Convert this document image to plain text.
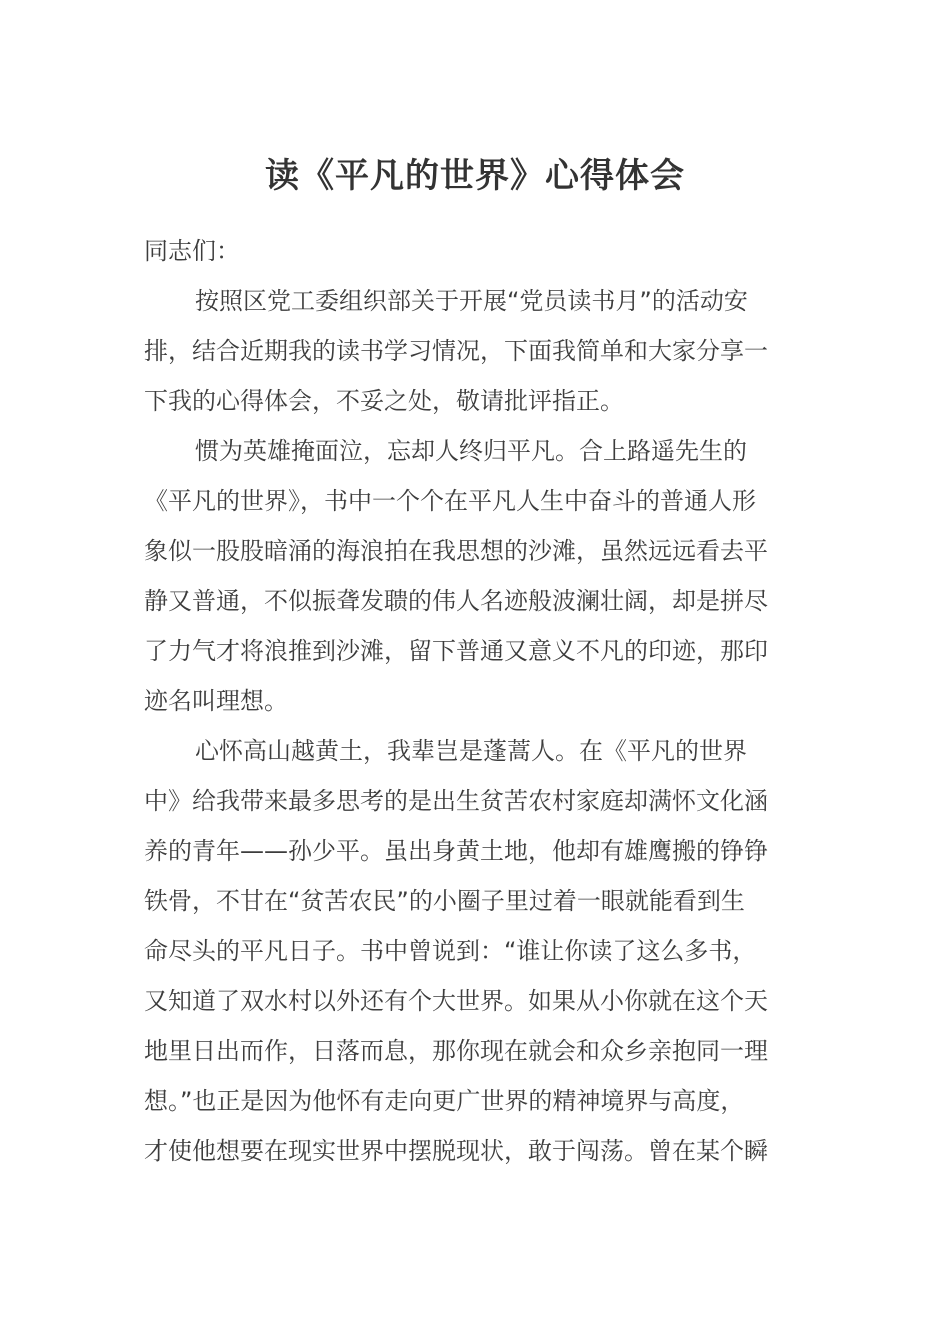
读《平凡的世界》心得体会
同志们：
按照区党工委组织部关于开展“党员读书月”的活动安
排，结合近期我的读书学习情况，下面我简单和大家分享一
下我的心得体会，不妥之处，敬请批评指正。
惯为英雄掩面泣，忘却人终归平凡。合上路遥先生的
《平凡的世界》，书中一个个在平凡人生中奋斗的普通人形
象似一股股暗涌的海浪拍在我思想的沙滩，虽然远远看去平
静又普通，不似振聋发聩的伟人名迹般波澜壮阔，却是拼尽
了力气才将浪推到沙滩，留下普通又意义不凡的印迹，那印
迹名叫理想。
心怀高山越黄土，我辈岂是蓬蒿人。在《平凡的世界
中》给我带来最多思考的是出生贫苦农村家庭却满怀文化涵
养的青年——孙少平。虽出身黄土地，他却有雄鹰搬的铮铮
铁骨，不甘在“贫苦农民”的小圈子里过着一眼就能看到生
命尽头的平凡日子。书中曾说到：“谁让你读了这么多书，
又知道了双水村以外还有个大世界。如果从小你就在这个天
地里日出而作，日落而息，那你现在就会和众乡亲抱同一理
想。”也正是因为他怀有走向更广世界的精神境界与高度，
才使他想要在现实世界中摆脱现状，敢于闯荡。曾在某个瞬
